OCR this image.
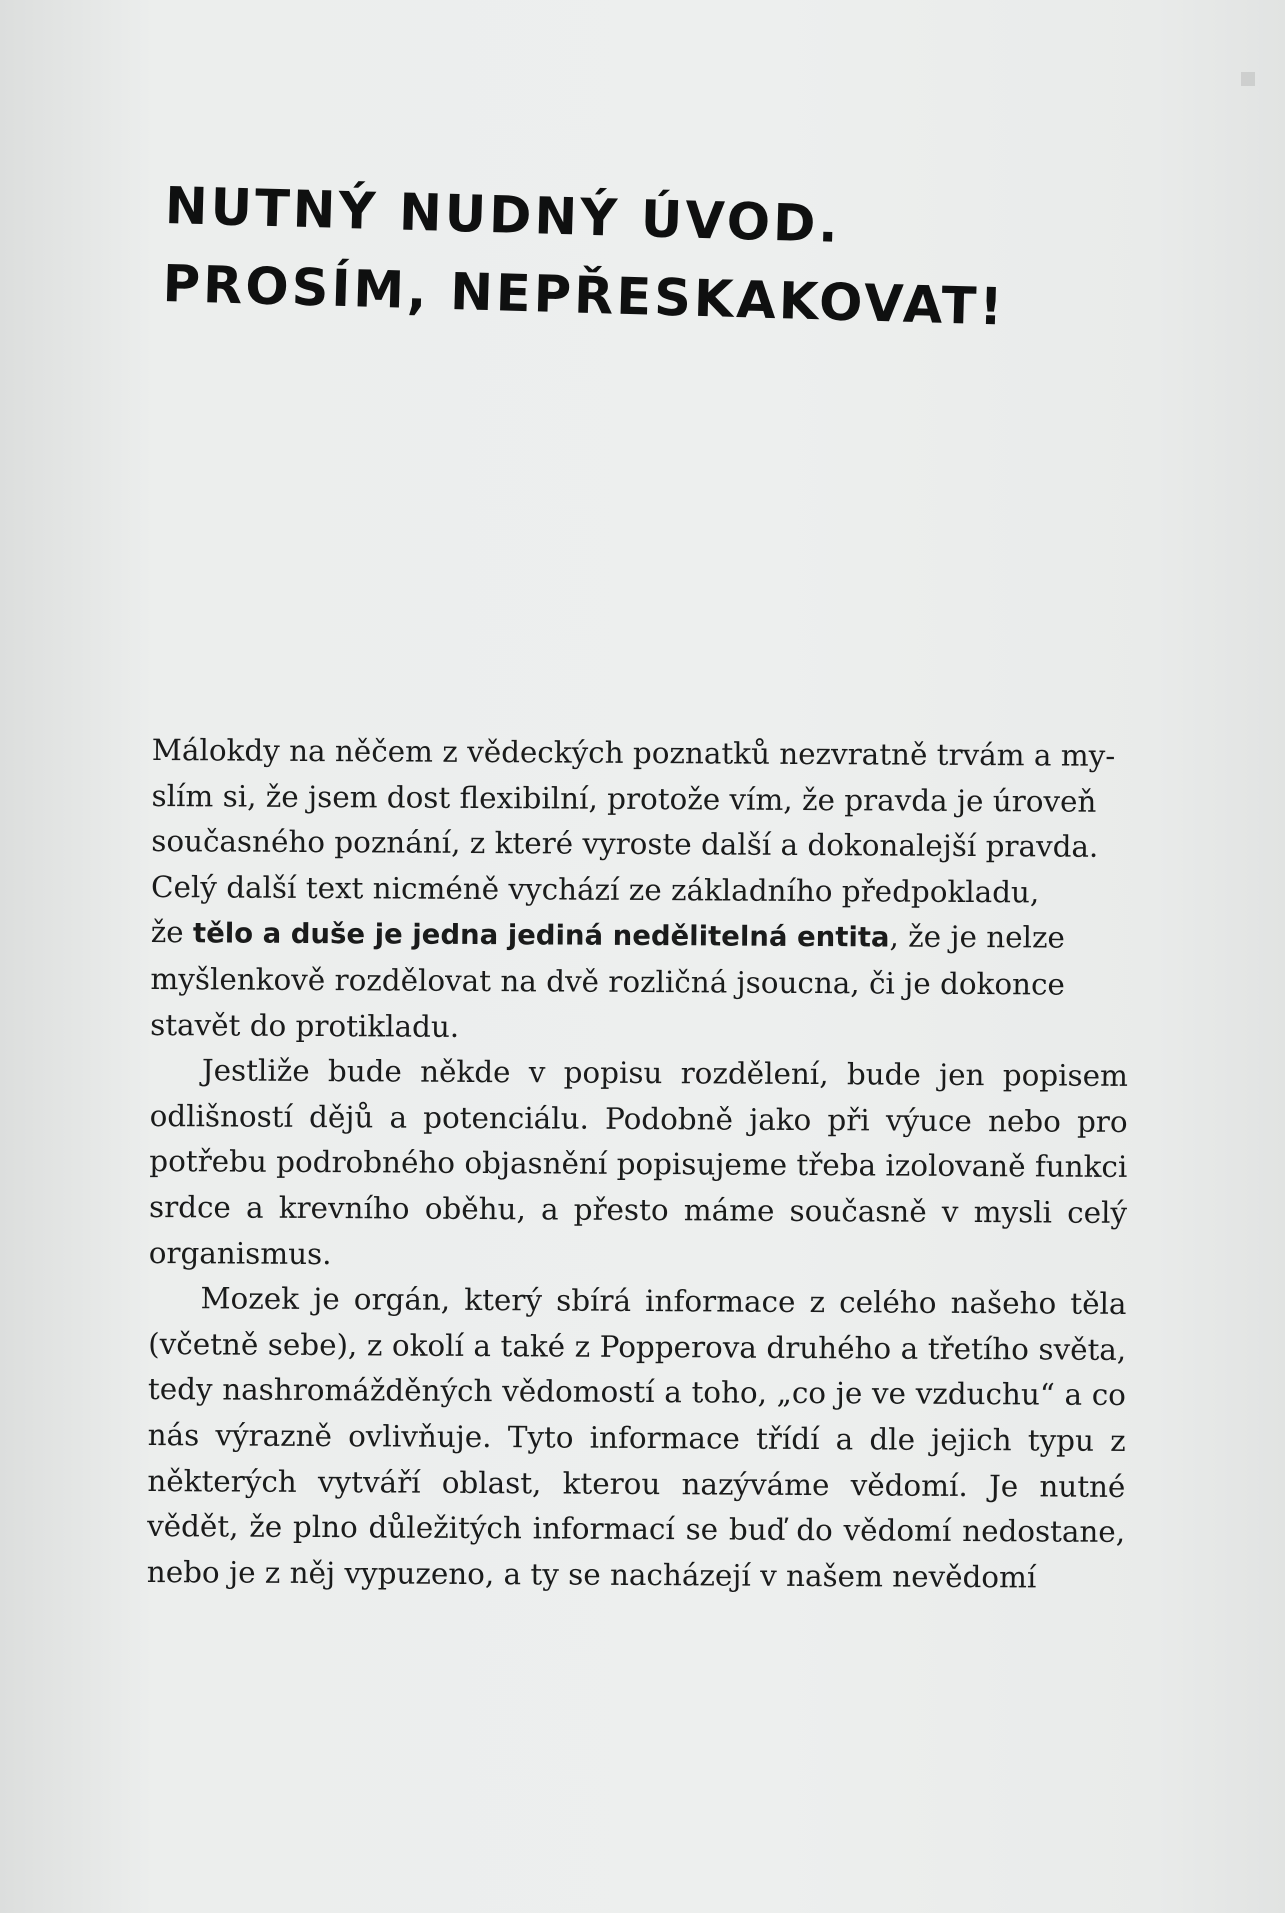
NUTNÝ NUDNÝ ÚVOD.
PROSÍM, NEPŘESKAKOVAT!

Málokdy na něčem z vědeckých poznatků nezvratně trvám a my- slím si, že jsem dost flexibilní, protože vím, že pravda je úroveň současného poznání, z které vyroste další a dokonalejší pravda. Celý další text nicméně vychází ze základního předpokladu, že tělo a duše je jedna jediná nedělitelná entita, že je nelze myšlenkově rozdělovat na dvě rozličná jsoucna, či je dokonce stavět do protikladu.

Jestliže bude někde v popisu rozdělení, bude jen popisem odlišností dějů a potenciálu. Podobně jako při výuce nebo pro potřebu podrobného objasnění popisujeme třeba izolovaně funkci srdce a krevního oběhu, a přesto máme současně v mysli celý organismus.

Mozek je orgán, který sbírá informace z celého našeho těla (včetně sebe), z okolí a také z Popperova druhého a třetího světa, tedy nashromážděných vědomostí a toho, „co je ve vzduchu“ a co nás výrazně ovlivňuje. Tyto informace třídí a dle jejich typu z některých vytváří oblast, kterou nazýváme vědomí. Je nutné vědět, že plno důležitých informací se buď do vědomí nedostane, nebo je z něj vypuzeno, a ty se nacházejí v našem nevědomí
